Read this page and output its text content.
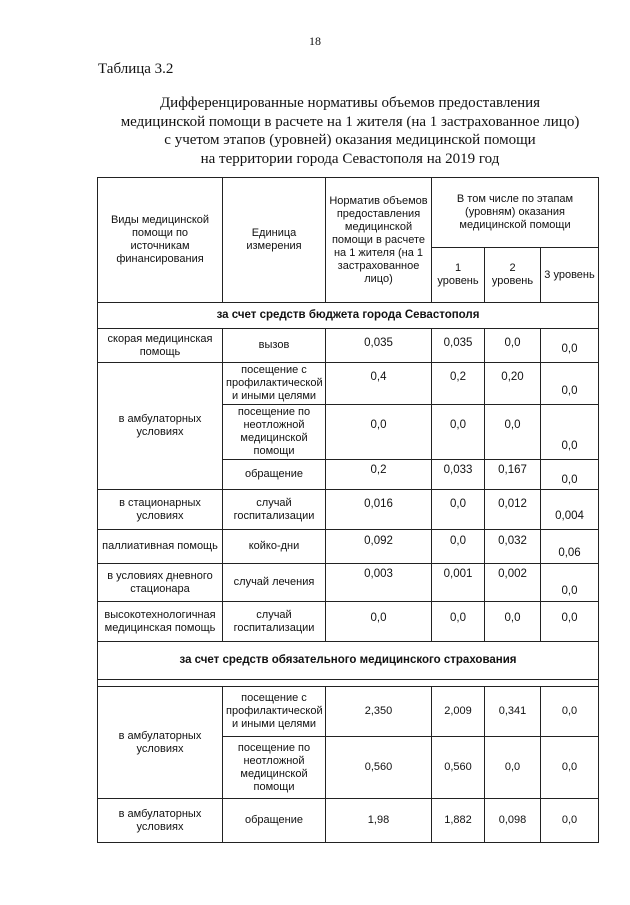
18
Таблица 3.2
Дифференцированные нормативы объемов предоставления
медицинской помощи в расчете на 1 жителя (на 1 застрахованное лицо)
с учетом этапов (уровней) оказания медицинской помощи
на территории города Севастополя на 2019 год
Виды медицинской помощи по источникам финансирования	Единица измерения	Норматив объемов предоставления медицинской помощи в расчете на 1 жителя (на 1 застрахованное лицо)	В том числе по этапам (уровням) оказания медицинской помощи		
			1 уровень	2 уровень	3 уровень
за счет средств бюджета города Севастополя					
скорая медицинская помощь	вызов	0,035	0,035	0,0	0,0
в амбулаторных условиях	посещение с профилактической и иными целями	0,4	0,2	0,20	0,0
	посещение по неотложной медицинской помощи	0,0	0,0	0,0	0,0
	обращение	0,2	0,033	0,167	0,0
в стационарных условиях	случай госпитализации	0,016	0,0	0,012	0,004
паллиативная помощь	койко-дни	0,092	0,0	0,032	0,06
в условиях дневного стационара	случай лечения	0,003	0,001	0,002	0,0
высокотехнологичная медицинская помощь	случай госпитализации	0,0	0,0	0,0	0,0
за счет средств обязательного медицинского страхования					

в амбулаторных условиях	посещение с профилактической и иными целями	2,350	2,009	0,341	0,0
	посещение по неотложной медицинской помощи	0,560	0,560	0,0	0,0
в амбулаторных условиях	обращение	1,98	1,882	0,098	0,0
